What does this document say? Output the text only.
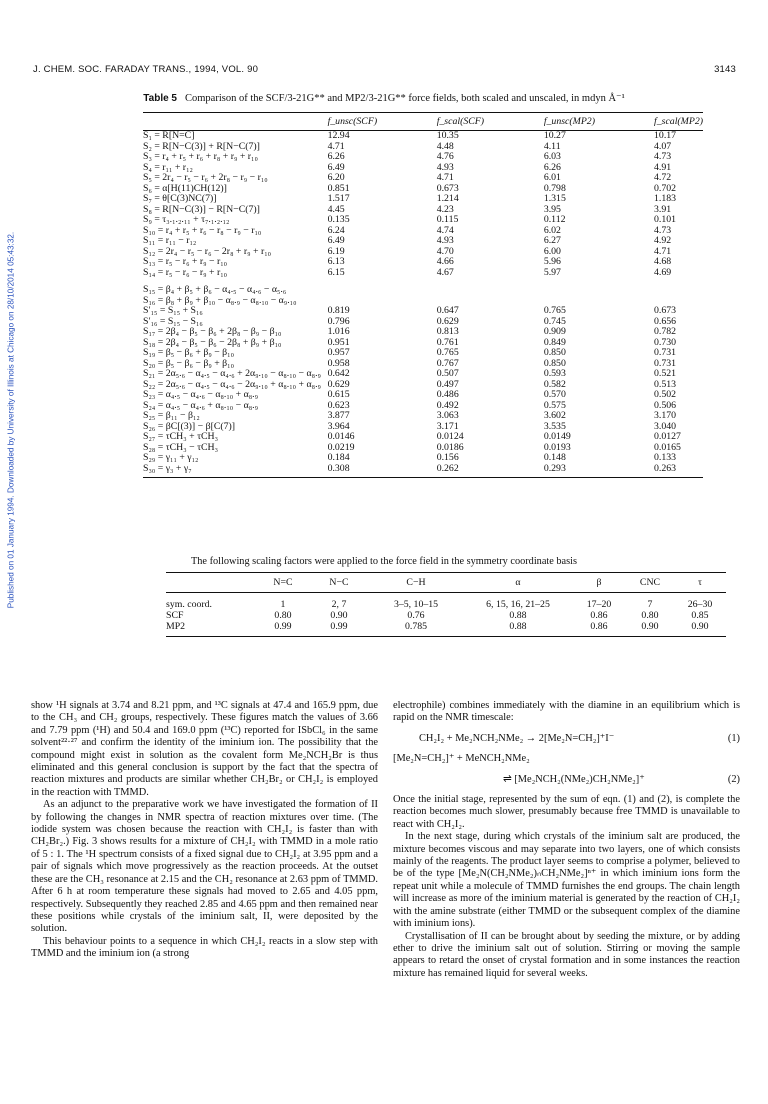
J. CHEM. SOC. FARADAY TRANS., 1994, VOL. 90	3143
Published on 01 January 1994. Downloaded by University of Illinois at Chicago on 28/10/2014 05:43:32.
Table 5 Comparison of the SCF/3-21G** and MP2/3-21G** force fields, both scaled and unscaled, in mdyn Å⁻¹
	f_unsc(SCF)	f_scal(SCF)	f_unsc(MP2)	f_scal(MP2)
S₁ = R[N=C]	12.94	10.35	10.27	10.17
S₂ = R[N−C(3)] + R[N−C(7)]	4.71	4.48	4.11	4.07
S₃ = r₄ + r₅ + r₆ + r₈ + r₉ + r₁₀	6.26	4.76	6.03	4.73
S₄ = r₁₁ + r₁₂	6.49	4.93	6.26	4.91
S₅ = 2r₄ − r₅ − r₆ + 2r₈ − r₉ − r₁₀	6.20	4.71	6.01	4.72
S₆ = α[H(11)CH(12)]	0.851	0.673	0.798	0.702
S₇ = θ[C(3)NC(7)]	1.517	1.214	1.315	1.183
S₈ = R[N−C(3)] − R[N−C(7)]	4.45	4.23	3.95	3.91
S₉ = τ₃.₁.₂.₁₁ + τ₇.₁.₂.₁₂	0.135	0.115	0.112	0.101
S₁₀ = r₄ + r₅ + r₆ − r₈ − r₉ − r₁₀	6.24	4.74	6.02	4.73
S₁₁ = r₁₁ − r₁₂	6.49	4.93	6.27	4.92
S₁₂ = 2r₄ − r₅ − r₆ − 2r₈ + r₉ + r₁₀	6.19	4.70	6.00	4.71
S₁₃ = r₅ − r₆ + r₉ − r₁₀	6.13	4.66	5.96	4.68
S₁₄ = r₅ − r₆ − r₉ + r₁₀	6.15	4.67	5.97	4.69

S₁₅ = β₄ + β₅ + β₆ − α₄.₅ − α₄.₆ − α₅.₆				
S₁₆ = β₈ + β₉ + β₁₀ − α₈.₉ − α₈.₁₀ − α₉.₁₀				
S′₁₅ = S₁₅ + S₁₆	0.819	0.647	0.765	0.673
S′₁₆ = S₁₅ − S₁₆	0.796	0.629	0.745	0.656
S₁₇ = 2β₄ − β₅ − β₆ + 2β₈ − β₉ − β₁₀	1.016	0.813	0.909	0.782
S₁₈ = 2β₄ − β₅ − β₆ − 2β₈ + β₉ + β₁₀	0.951	0.761	0.849	0.730
S₁₉ = β₅ − β₆ + β₉ − β₁₀	0.957	0.765	0.850	0.731
S₂₀ = β₅ − β₆ − β₉ + β₁₀	0.958	0.767	0.850	0.731
S₂₁ = 2α₅.₆ − α₄.₅ − α₄.₆ + 2α₉.₁₀ − α₈.₁₀ − α₈.₉	0.642	0.507	0.593	0.521
S₂₂ = 2α₅.₆ − α₄.₅ − α₄.₆ − 2α₉.₁₀ + α₈.₁₀ + α₈.₉	0.629	0.497	0.582	0.513
S₂₃ = α₄.₅ − α₄.₆ − α₈.₁₀ + α₈.₉	0.615	0.486	0.570	0.502
S₂₄ = α₄.₅ − α₄.₆ + α₈.₁₀ − α₈.₉	0.623	0.492	0.575	0.506
S₂₅ = β₁₁ − β₁₂	3.877	3.063	3.602	3.170
S₂₆ = βC[(3)] − β[C(7)]	3.964	3.171	3.535	3.040
S₂₇ = τCH₃ + τCH₃	0.0146	0.0124	0.0149	0.0127
S₂₈ = τCH₃ − τCH₃	0.0219	0.0186	0.0193	0.0165
S₂₉ = γ₁₁ + γ₁₂	0.184	0.156	0.148	0.133
S₃₀ = γ₃ + γ₇	0.308	0.262	0.293	0.263
The following scaling factors were applied to the force field in the symmetry coordinate basis
	N=C	N−C	C−H	α	β	CNC	τ
sym. coord.	1	2, 7	3–5, 10–15	6, 15, 16, 21–25	17–20	7	26–30
SCF	0.80	0.90	0.76	0.88	0.86	0.80	0.85
MP2	0.99	0.99	0.785	0.88	0.86	0.90	0.90

show ¹H signals at 3.74 and 8.21 ppm, and ¹³C signals at 47.4 and 165.9 ppm, due to the CH₃ and CH₂ groups, respectively. These figures match the values of 3.66 and 7.79 ppm (¹H) and 50.4 and 169.0 ppm (¹³C) reported for ISbCl₆ in the same solvent²²·²⁷ and confirm the identity of the iminium ion. The possibility that the compound might exist in solution as the covalent form Me₂NCH₂Br is thus eliminated and this general conclusion is support by the fact that the spectra of reaction mixtures and products are similar whether CH₂Br₂ or CH₂I₂ is employed in the reaction with TMMD.

As an adjunct to the preparative work we have investigated the formation of II by following the changes in NMR spectra of reaction mixtures over time. (The iodide system was chosen because the reaction with CH₂I₂ is faster than with CH₂Br₂.) Fig. 3 shows results for a mixture of CH₂I₂ with TMMD in a mole ratio of 5 : 1. The ¹H spectrum consists of a fixed signal due to CH₂I₂ at 3.95 ppm and a pair of signals which move progressively as the reaction proceeds. At the outset these are the CH₃ resonance at 2.15 and the CH₂ resonance at 2.63 ppm of TMMD. After 6 h at room temperature these signals had moved to 2.65 and 4.05 ppm, respectively. Subsequently they reached 2.85 and 4.65 ppm and then remained near these positions while crystals of the iminium salt, II, were deposited by the solution.

This behaviour points to a sequence in which CH₂I₂ reacts in a slow step with TMMD and the iminium ion (a strong

electrophile) combines immediately with the diamine in an equilibrium which is rapid on the NMR timescale:

CH₂I₂ + Me₂NCH₂NMe₂ → 2[Me₂N=CH₂]⁺I⁻	(1)
[Me₂N=CH₂]⁺ + MeNCH₂NMe₂
⇌ [Me₂NCH₂(NMe₂)CH₂NMe₂]⁺	(2)

Once the initial stage, represented by the sum of eqn. (1) and (2), is complete the reaction becomes much slower, presumably because free TMMD is unavailable to react with CH₂I₂.

In the next stage, during which crystals of the iminium salt are produced, the mixture becomes viscous and may separate into two layers, one of which consists mainly of the reagents. The product layer seems to comprise a polymer, believed to be of the type [Me₂N(CH₂NMe₂)ₙCH₂NMe₂]ⁿ⁺ in which iminium ions form the repeat unit while a molecule of TMMD furnishes the end groups. The chain length will increase as more of the iminium material is generated by the reaction of CH₂I₂ with the amine substrate (either TMMD or the subsequent complex of the diamine with iminium ions).

Crystallisation of II can be brought about by seeding the mixture, or by adding ether to drive the iminium salt out of solution. Stirring or moving the sample appears to retard the onset of crystal formation and in some instances the reaction mixture has remained liquid for several weeks.
